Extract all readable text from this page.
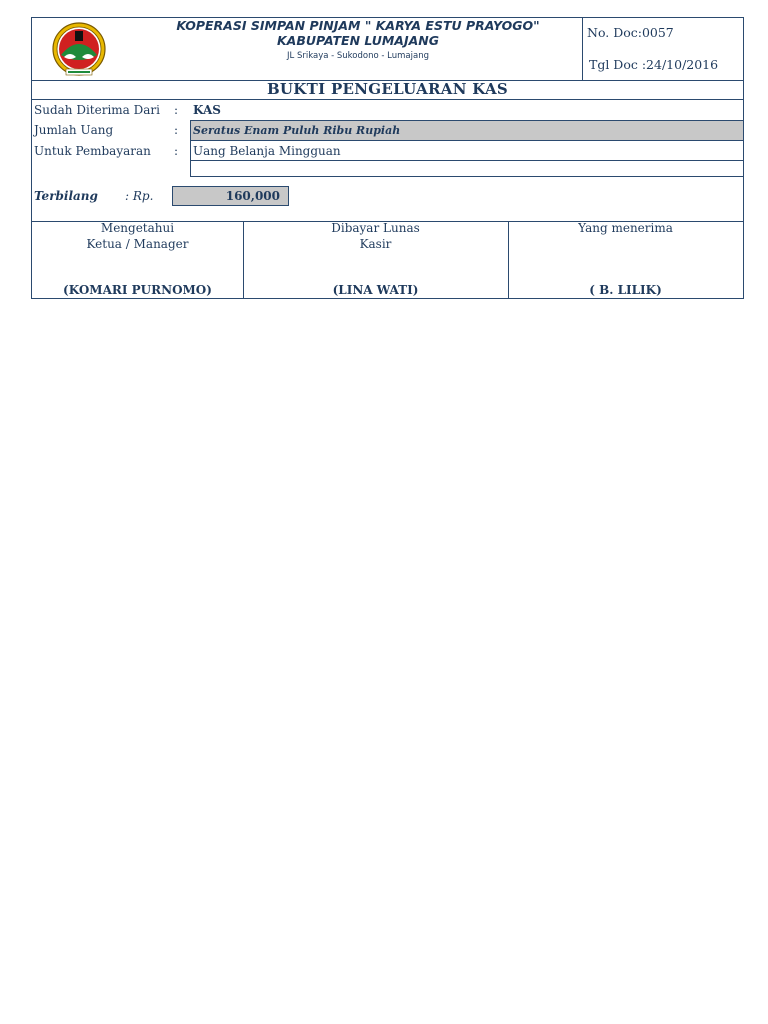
KOPERASI SIMPAN PINJAM " KARYA ESTU PRAYOGO"
KABUPATEN LUMAJANG
JL Srikaya - Sukodono - Lumajang
No. Doc:0057
Tgl Doc :24/10/2016
BUKTI PENGELUARAN KAS
Sudah Diterima Dari : KAS
Jumlah Uang	: Seratus Enam Puluh Ribu Rupiah
Untuk Pembayaran : Uang Belanja Mingguan
Terbilang : Rp.	160,000
Mengetahui
Ketua / Manager
(KOMARI PURNOMO)
Dibayar Lunas
Kasir
(LINA WATI)
Yang menerima
( B. LILIK)
